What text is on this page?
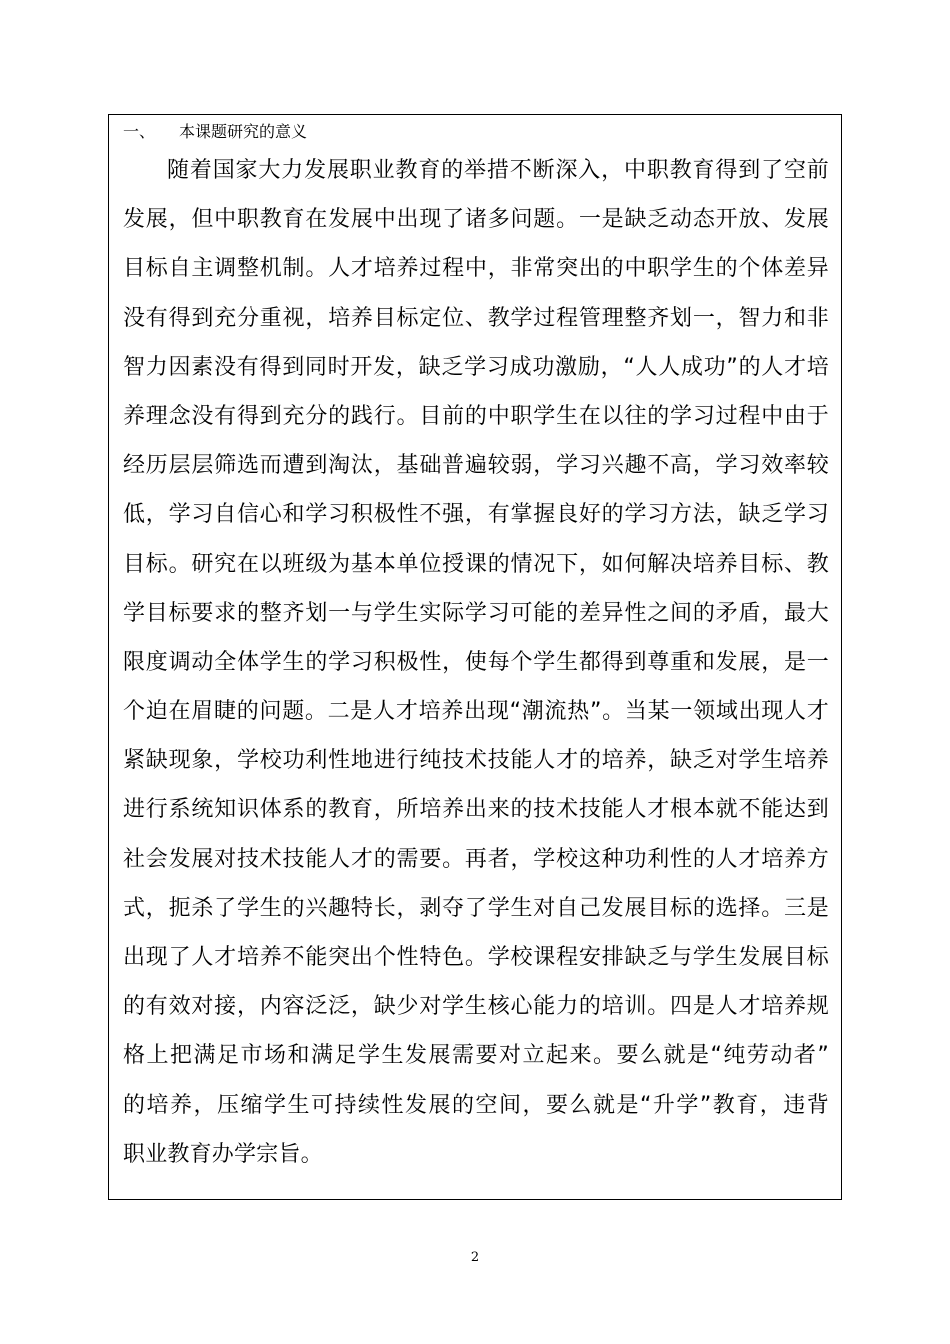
一、 本课题研究的意义
随着国家大力发展职业教育的举措不断深入，中职教育得到了空前
发展，但中职教育在发展中出现了诸多问题。一是缺乏动态开放、发展
目标自主调整机制。人才培养过程中，非常突出的中职学生的个体差异
没有得到充分重视，培养目标定位、教学过程管理整齐划一，智力和非
智力因素没有得到同时开发，缺乏学习成功激励，“人人成功”的人才培
养理念没有得到充分的践行。目前的中职学生在以往的学习过程中由于
经历层层筛选而遭到淘汰，基础普遍较弱，学习兴趣不高，学习效率较
低，学习自信心和学习积极性不强，有掌握良好的学习方法，缺乏学习
目标。研究在以班级为基本单位授课的情况下，如何解决培养目标、教
学目标要求的整齐划一与学生实际学习可能的差异性之间的矛盾，最大
限度调动全体学生的学习积极性，使每个学生都得到尊重和发展，是一
个迫在眉睫的问题。二是人才培养出现“潮流热”。当某一领域出现人才
紧缺现象，学校功利性地进行纯技术技能人才的培养，缺乏对学生培养
进行系统知识体系的教育，所培养出来的技术技能人才根本就不能达到
社会发展对技术技能人才的需要。再者，学校这种功利性的人才培养方
式，扼杀了学生的兴趣特长，剥夺了学生对自己发展目标的选择。三是
出现了人才培养不能突出个性特色。学校课程安排缺乏与学生发展目标
的有效对接，内容泛泛，缺少对学生核心能力的培训。四是人才培养规
格上把满足市场和满足学生发展需要对立起来。要么就是“纯劳动者”
的培养，压缩学生可持续性发展的空间，要么就是“升学”教育，违背
职业教育办学宗旨。
2
